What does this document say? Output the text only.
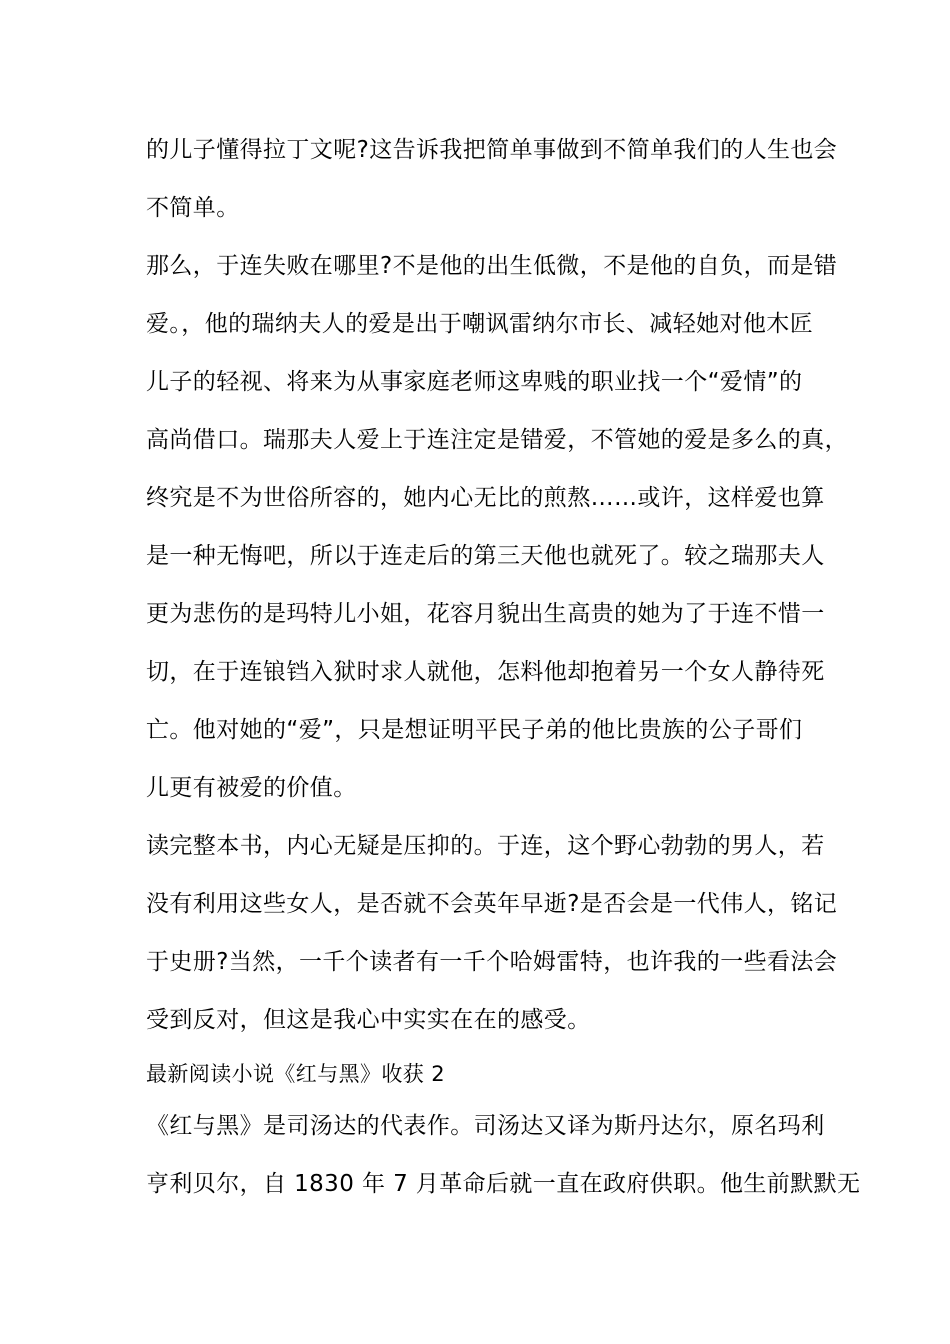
的儿子懂得拉丁文呢?这告诉我把简单事做到不简单我们的人生也会
不简单。
那么，于连失败在哪里?不是他的出生低微，不是他的自负，而是错
爱。，他的瑞纳夫人的爱是出于嘲讽雷纳尔市长、减轻她对他木匠
儿子的轻视、将来为从事家庭老师这卑贱的职业找一个“爱情”的
高尚借口。瑞那夫人爱上于连注定是错爱，不管她的爱是多么的真，
终究是不为世俗所容的，她内心无比的煎熬……或许，这样爱也算
是一种无悔吧，所以于连走后的第三天他也就死了。较之瑞那夫人
更为悲伤的是玛特儿小姐，花容月貌出生高贵的她为了于连不惜一
切，在于连锒铛入狱时求人就他，怎料他却抱着另一个女人静待死
亡。他对她的“爱”，只是想证明平民子弟的他比贵族的公子哥们
儿更有被爱的价值。
读完整本书，内心无疑是压抑的。于连，这个野心勃勃的男人，若
没有利用这些女人，是否就不会英年早逝?是否会是一代伟人，铭记
于史册?当然，一千个读者有一千个哈姆雷特，也许我的一些看法会
受到反对，但这是我心中实实在在的感受。
最新阅读小说《红与黑》收获 2
《红与黑》是司汤达的代表作。司汤达又译为斯丹达尔，原名玛利
亨利贝尔，自 1830 年 7 月革命后就一直在政府供职。他生前默默无
